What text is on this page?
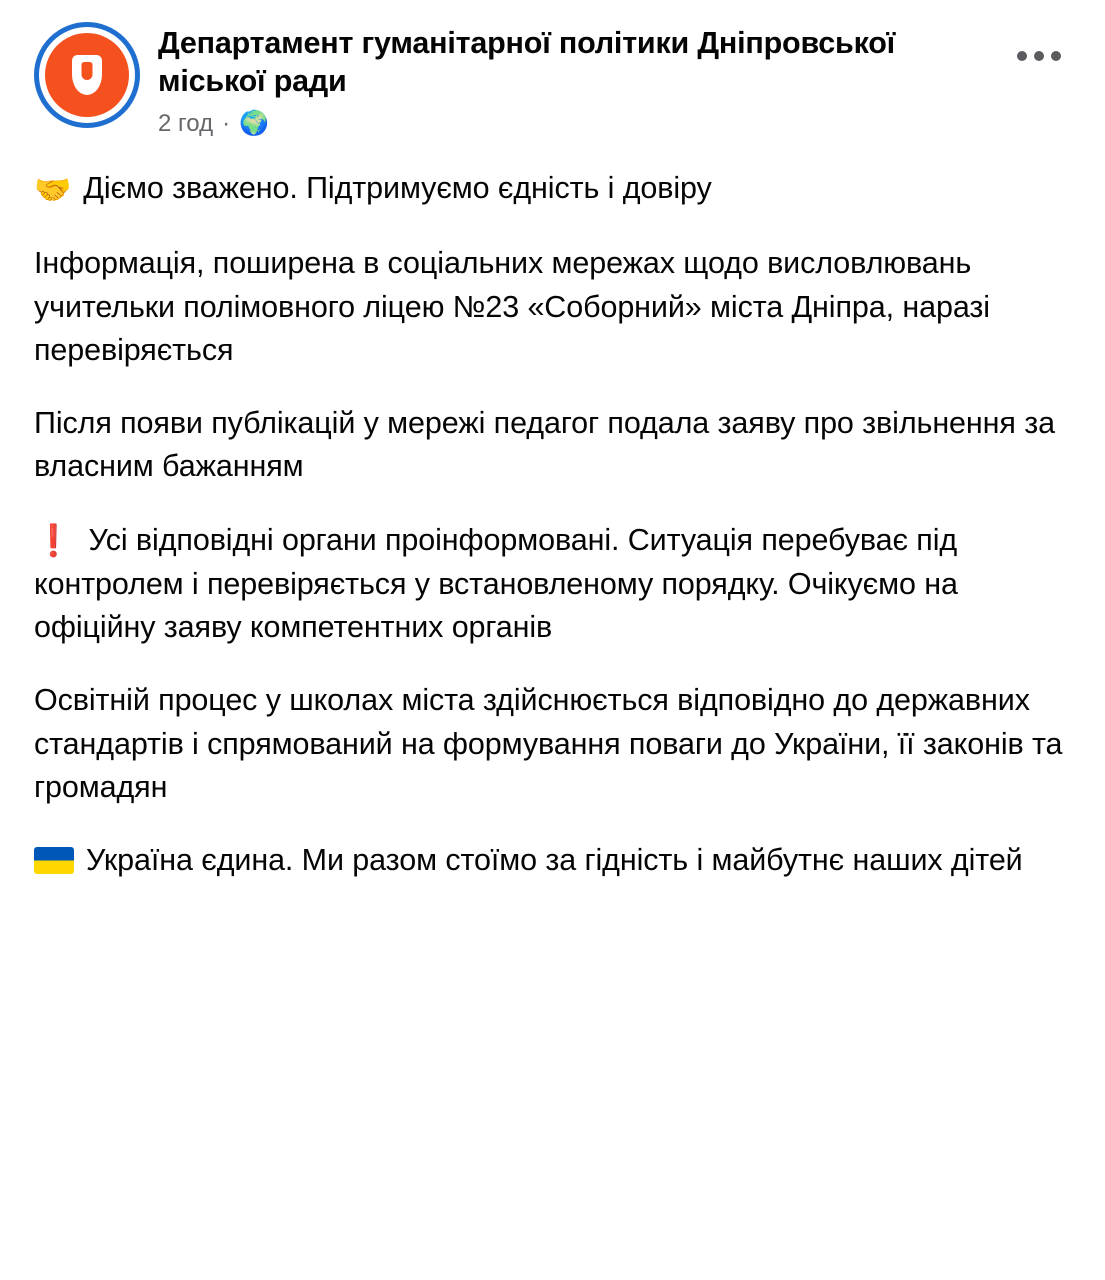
Департамент гуманітарної політики Дніпровської міської ради
2 год · 🌍

🤝 Діємо зважено. Підтримуємо єдність і довіру

Інформація, поширена в соціальних мережах щодо висловлювань учительки полімовного ліцею №23 «Соборний» міста Дніпра, наразі перевіряється

Після появи публікацій у мережі педагог подала заяву про звільнення за власним бажанням

❗ Усі відповідні органи проінформовані. Ситуація перебуває під контролем і перевіряється у встановленому порядку. Очікуємо на офіційну заяву компетентних органів

Освітній процес у школах міста здійснюється відповідно до державних стандартів і спрямований на формування поваги до України, її законів та громадян

Україна єдина. Ми разом стоїмо за гідність і майбутнє наших дітей
